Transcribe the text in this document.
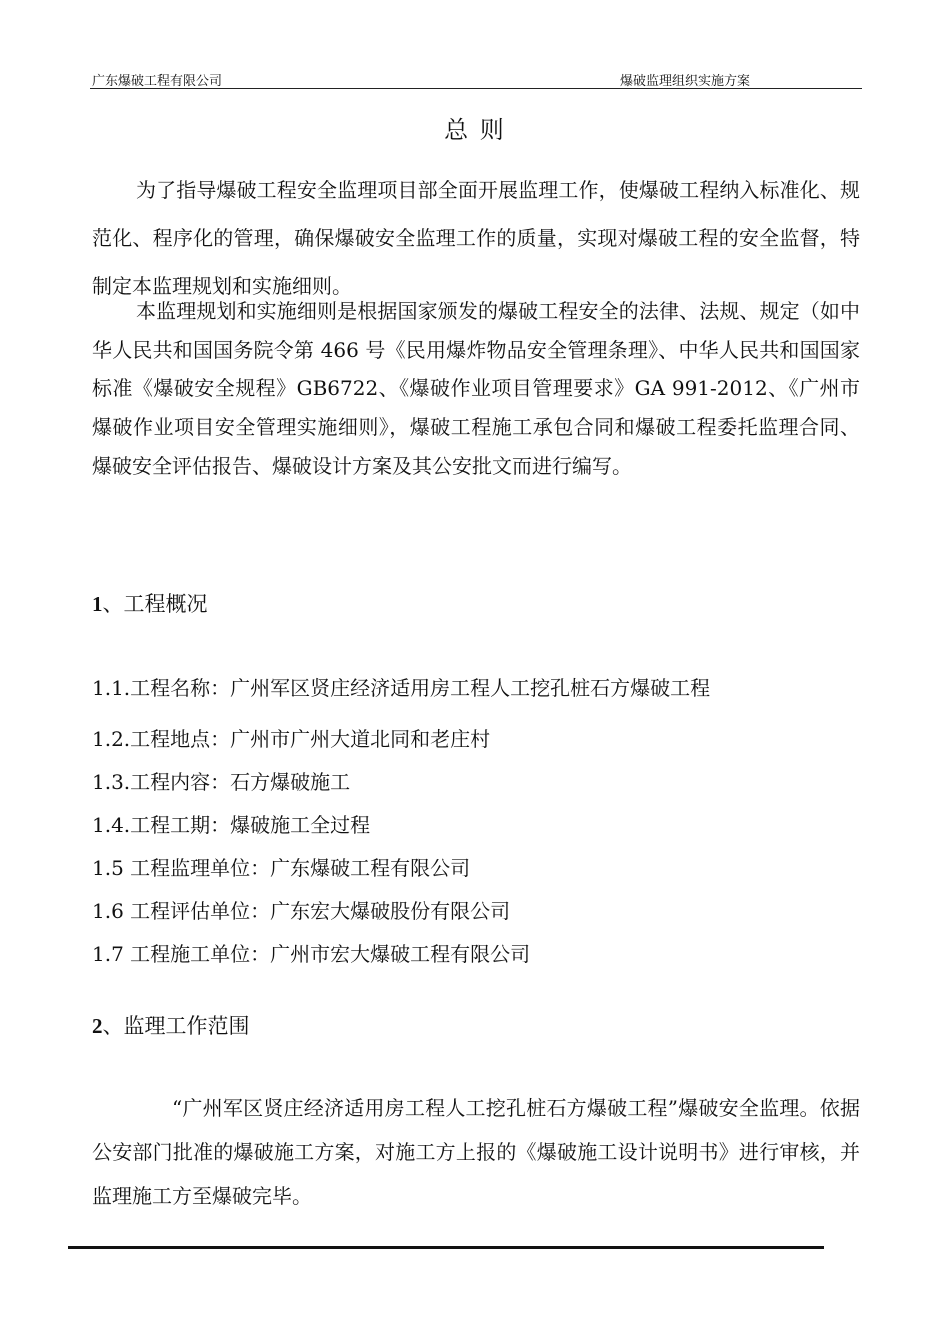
广东爆破工程有限公司	爆破监理组织实施方案
总 则

为了指导爆破工程安全监理项目部全面开展监理工作，使爆破工程纳入标准化、规范化、程序化的管理，确保爆破安全监理工作的质量，实现对爆破工程的安全监督，特制定本监理规划和实施细则。

本监理规划和实施细则是根据国家颁发的爆破工程安全的法律、法规、规定（如中华人民共和国国务院令第 466 号《民用爆炸物品安全管理条理》、中华人民共和国国家标准《爆破安全规程》GB6722、《爆破作业项目管理要求》GA 991-2012、《广州市爆破作业项目安全管理实施细则》，爆破工程施工承包合同和爆破工程委托监理合同、爆破安全评估报告、爆破设计方案及其公安批文而进行编写。

1、工程概况
1.1.工程名称：广州军区贤庄经济适用房工程人工挖孔桩石方爆破工程
1.2.工程地点：广州市广州大道北同和老庄村
1.3.工程内容：石方爆破施工
1.4.工程工期：爆破施工全过程
1.5 工程监理单位：广东爆破工程有限公司
1.6 工程评估单位：广东宏大爆破股份有限公司
1.7 工程施工单位：广州市宏大爆破工程有限公司
2、监理工作范围

“广州军区贤庄经济适用房工程人工挖孔桩石方爆破工程”爆破安全监理。依据公安部门批准的爆破施工方案，对施工方上报的《爆破施工设计说明书》进行审核，并监理施工方至爆破完毕。
